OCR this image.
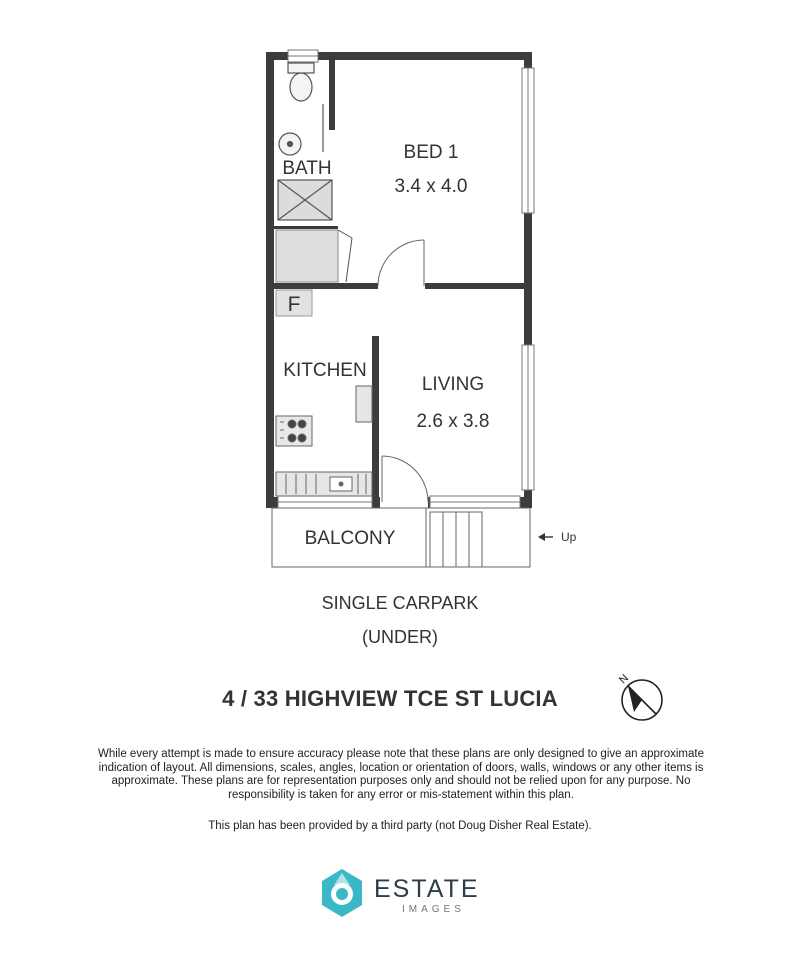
F
Up
BED 1
3.4 x 4.0
BATH
KITCHEN
LIVING
2.6 x 3.8
BALCONY
SINGLE CARPARK
(UNDER)
4 / 33 HIGHVIEW TCE ST LUCIA
N
While every attempt is made to ensure accuracy please note that these plans are only designed to give an approximate indication of layout. All dimensions, scales, angles, location or orientation of doors, walls, windows or any other items is approximate. These plans are for representation purposes only and should not be relied upon for any purpose. No responsibility is taken for any error or mis-statement within this plan.
This plan has been provided by a third party (not Doug Disher Real Estate).
ESTATE
IMAGES
